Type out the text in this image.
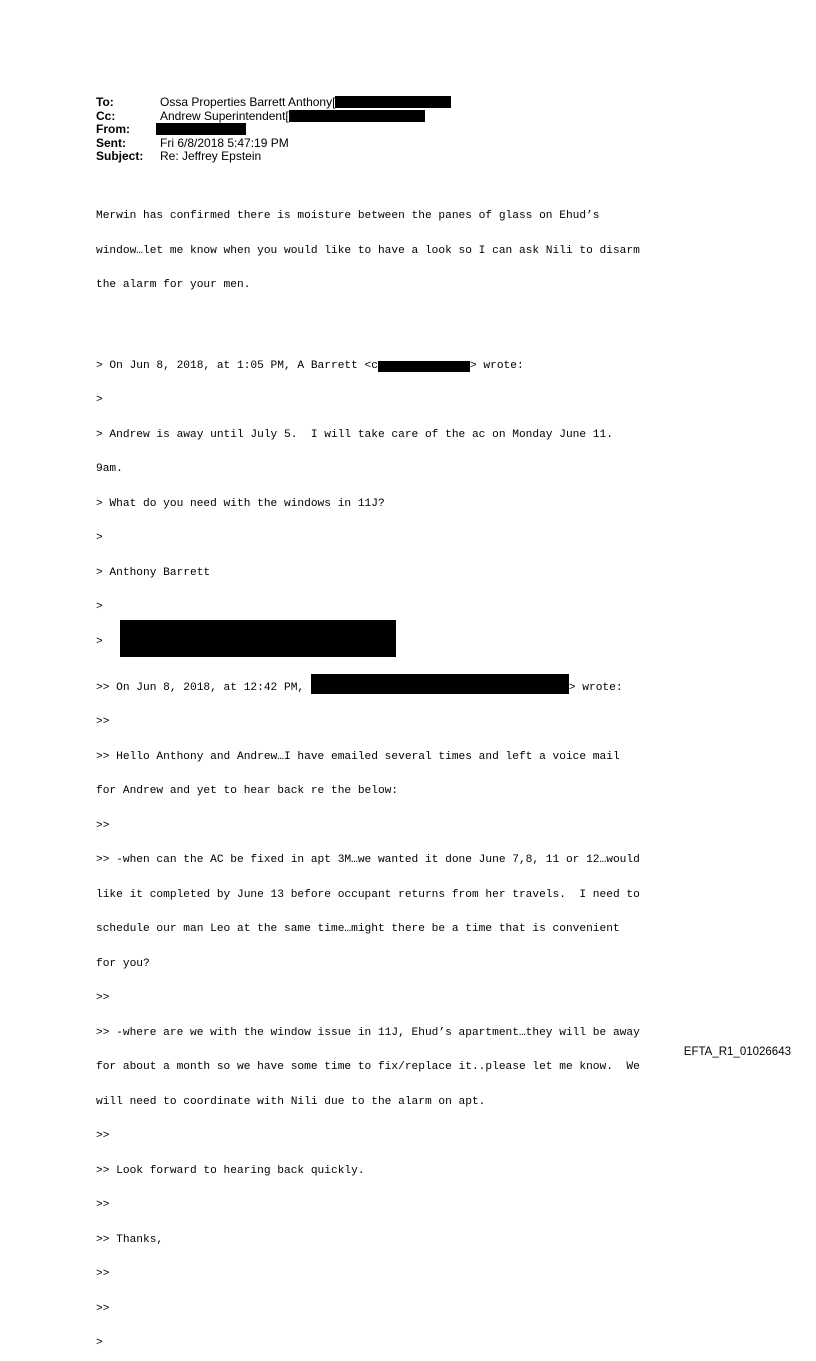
To:	Ossa Properties Barrett Anthony[
Cc:	Andrew Superintendent[
From:
Sent:	Fri 6/8/2018 5:47:19 PM
Subject:	Re: Jeffrey Epstein

Merwin has confirmed there is moisture between the panes of glass on Ehud’s

window…let me know when you would like to have a look so I can ask Nili to disarm

the alarm for your men.

> On Jun 8, 2018, at 1:05 PM, A Barrett <c	> wrote:

>

> Andrew is away until July 5.  I will take care of the ac on Monday June 11.

9am.

> What do you need with the windows in 11J?

>

> Anthony Barrett

>

>

>> On Jun 8, 2018, at 12:42 PM,	> wrote:

>>

>> Hello Anthony and Andrew…I have emailed several times and left a voice mail

for Andrew and yet to hear back re the below:

>>

>> -when can the AC be fixed in apt 3M…we wanted it done June 7,8, 11 or 12…would

like it completed by June 13 before occupant returns from her travels.  I need to

schedule our man Leo at the same time…might there be a time that is convenient

for you?

>>

>> -where are we with the window issue in 11J, Ehud’s apartment…they will be away

for about a month so we have some time to fix/replace it..please let me know.  We

will need to coordinate with Nili due to the alarm on apt.

>>

>> Look forward to hearing back quickly.

>>

>> Thanks,

>>

>>

>

EFTA_R1_01026643
